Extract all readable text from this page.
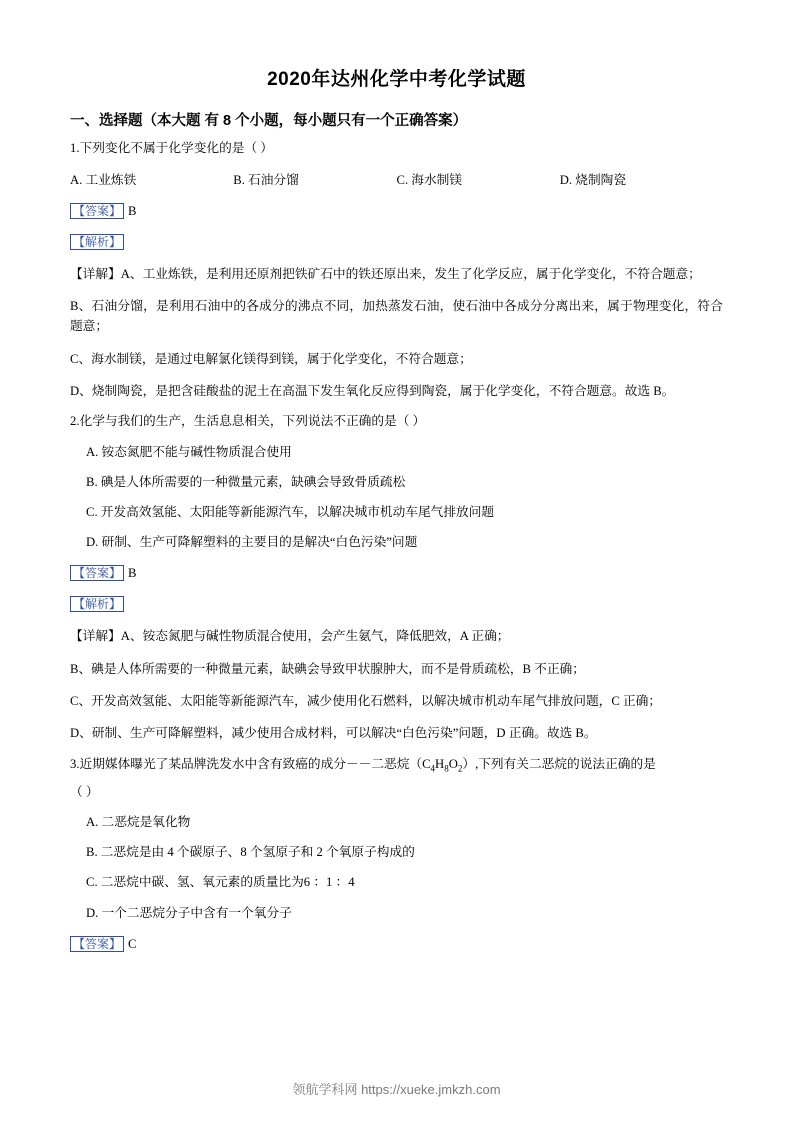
2020年达州化学中考化学试题
一、选择题（本大题 有 8 个小题，每小题只有一个正确答案）
1.下列变化不属于化学变化的是（ ）
A. 工业炼铁	B. 石油分馏	C. 海水制镁	D. 烧制陶瓷
【答案】 B
【解析】
【详解】A、工业炼铁，是利用还原剂把铁矿石中的铁还原出来，发生了化学反应，属于化学变化，不符合题意；
B、石油分馏，是利用石油中的各成分的沸点不同，加热蒸发石油，使石油中各成分分离出来，属于物理变化，符合题意；
C、海水制镁，是通过电解氯化镁得到镁，属于化学变化，不符合题意；
D、烧制陶瓷，是把含硅酸盐的泥土在高温下发生氧化反应得到陶瓷，属于化学变化，不符合题意。故选 B。
2.化学与我们的生产，生活息息相关，下列说法不正确的是（ ）
A. 铵态氮肥不能与碱性物质混合使用
B. 碘是人体所需要的一种微量元素，缺碘会导致骨质疏松
C. 开发高效氢能、太阳能等新能源汽车，以解决城市机动车尾气排放问题
D. 研制、生产可降解塑料的主要目的是解决“白色污染”问题
【答案】 B
【解析】
【详解】A、铵态氮肥与碱性物质混合使用，会产生氨气，降低肥效，A 正确；
B、碘是人体所需要的一种微量元素，缺碘会导致甲状腺肿大，而不是骨质疏松，B 不正确；
C、开发高效氢能、太阳能等新能源汽车，减少使用化石燃料，以解决城市机动车尾气排放问题，C 正确；
D、研制、生产可降解塑料，减少使用合成材料，可以解决“白色污染”问题，D 正确。故选 B。
3.近期媒体曝光了某品牌洗发水中含有致癌的成分－－二恶烷$(C_4H_8O_2)$,下列有关二恶烷的说法正确的是
（ ）
A. 二恶烷是氧化物
B. 二恶烷是由 4 个碳原子、8 个氢原子和 2 个氧原子构成的
C. 二恶烷中碳、氢、氧元素的质量比为6 ：1 ：4
D. 一个二恶烷分子中含有一个氧分子
【答案】 C
领航学科网 https://xueke.jmkzh.com
